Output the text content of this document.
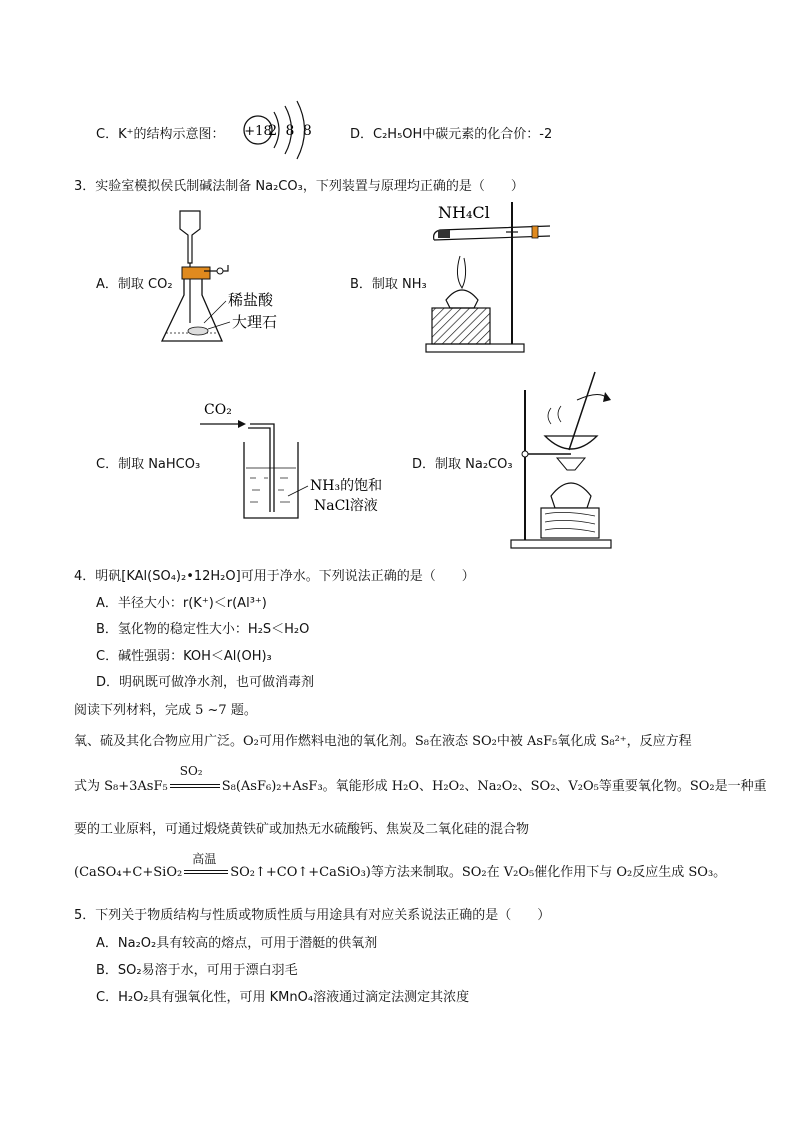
C．K⁺的结构示意图： +18
2 8 8	D．C₂H₅OH中碳元素的化合价：-2
3．实验室模拟侯氏制碱法制备 Na₂CO₃，下列装置与原理均正确的是（　　）
A．制取 CO₂
稀盐酸
大理石
B．制取 NH₃
NH₄Cl
C．制取 NaHCO₃
CO₂
NH₃的饱和
NaCl溶液
D．制取 Na₂CO₃
4．明矾[KAl(SO₄)₂•12H₂O]可用于净水。下列说法正确的是（　　）
A．半径大小：r(K⁺)＜r(Al³⁺)
B．氢化物的稳定性大小：H₂S＜H₂O
C．碱性强弱：KOH＜Al(OH)₃
D．明矾既可做净水剂，也可做消毒剂
阅读下列材料，完成 5 ~7 题。
氧、硫及其化合物应用广泛。O₂可用作燃料电池的氧化剂。S₈在液态 SO₂中被 AsF₅氧化成 S₈²⁺，反应方程
式为 S₈+3AsF₅
SO₂
S₈(AsF₆)₂+AsF₃。氧能形成 H₂O、H₂O₂、Na₂O₂、SO₂、V₂O₅等重要氧化物。SO₂是一种重
要的工业原料，可通过煅烧黄铁矿或加热无水硫酸钙、焦炭及二氧化硅的混合物
(CaSO₄+C+SiO₂
高温
SO₂↑+CO↑+CaSiO₃)等方法来制取。SO₂在 V₂O₅催化作用下与 O₂反应生成 SO₃。
5．下列关于物质结构与性质或物质性质与用途具有对应关系说法正确的是（　　）
A．Na₂O₂具有较高的熔点，可用于潜艇的供氧剂
B．SO₂易溶于水，可用于漂白羽毛
C．H₂O₂具有强氧化性，可用 KMnO₄溶液通过滴定法测定其浓度
